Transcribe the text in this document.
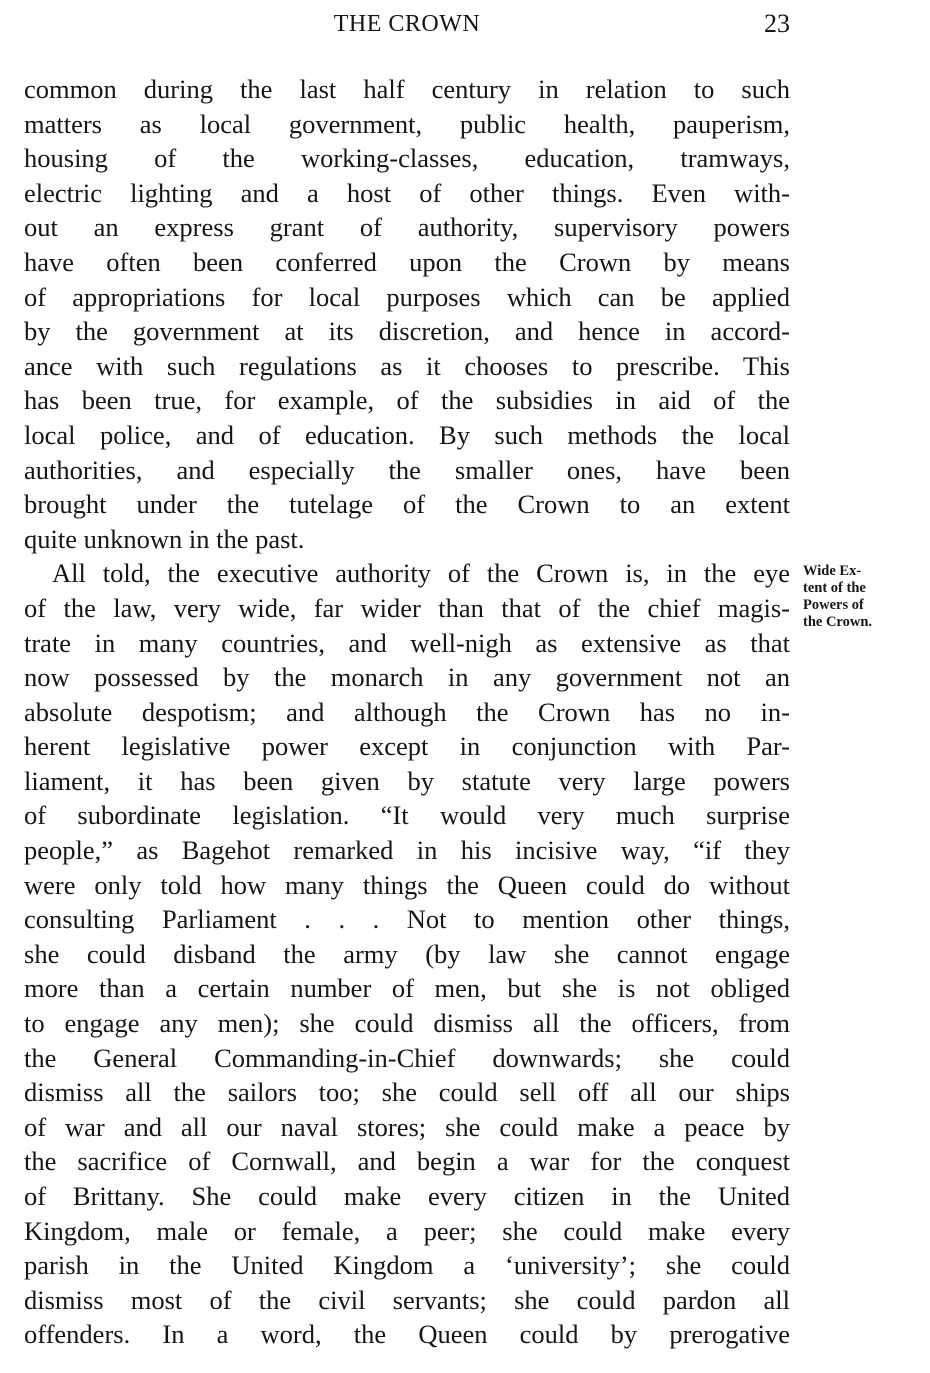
THE CROWN	23
common during the last half century in relation to such
matters as local government, public health, pauperism,
housing of the working-classes, education, tramways,
electric lighting and a host of other things. Even with-
out an express grant of authority, supervisory powers
have often been conferred upon the Crown by means
of appropriations for local purposes which can be applied
by the government at its discretion, and hence in accord-
ance with such regulations as it chooses to prescribe. This
has been true, for example, of the subsidies in aid of the
local police, and of education. By such methods the local
authorities, and especially the smaller ones, have been
brought under the tutelage of the Crown to an extent
quite unknown in the past.
All told, the executive authority of the Crown is, in the eye
of the law, very wide, far wider than that of the chief magis-
trate in many countries, and well-nigh as extensive as that
now possessed by the monarch in any government not an
absolute despotism; and although the Crown has no in-
herent legislative power except in conjunction with Par-
liament, it has been given by statute very large powers
of subordinate legislation. “It would very much surprise
people,” as Bagehot remarked in his incisive way, “if they
were only told how many things the Queen could do without
consulting Parliament . . . Not to mention other things,
she could disband the army (by law she cannot engage
more than a certain number of men, but she is not obliged
to engage any men); she could dismiss all the officers, from
the General Commanding-in-Chief downwards; she could
dismiss all the sailors too; she could sell off all our ships
of war and all our naval stores; she could make a peace by
the sacrifice of Cornwall, and begin a war for the conquest
of Brittany. She could make every citizen in the United
Kingdom, male or female, a peer; she could make every
parish in the United Kingdom a ‘university’; she could
dismiss most of the civil servants; she could pardon all
offenders. In a word, the Queen could by prerogative
Wide Ex-
tent of the
Powers of
the Crown.
